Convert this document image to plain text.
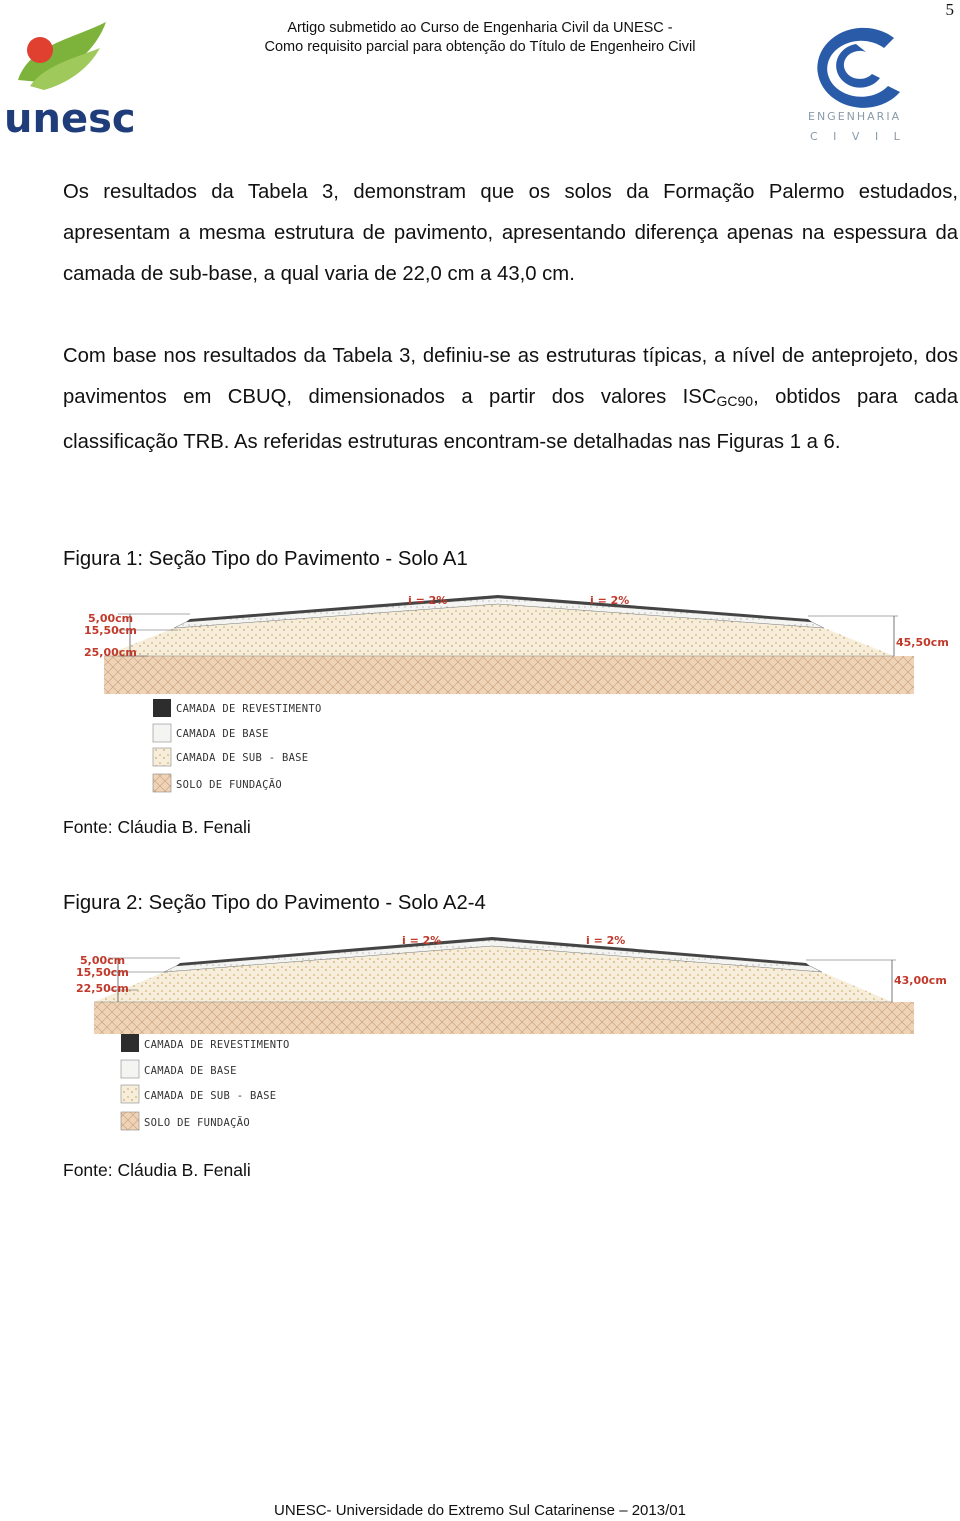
5
Artigo submetido ao Curso de Engenharia Civil da UNESC -
Como requisito parcial para obtenção do Título de Engenheiro Civil
unesc	ENGENHARIA
C I V I L
Os resultados da Tabela 3, demonstram que os solos da Formação Palermo estudados, apresentam a mesma estrutura de pavimento, apresentando diferença apenas na espessura da camada de sub-base, a qual varia de 22,0 cm a 43,0 cm.
Com base nos resultados da Tabela 3, definiu-se as estruturas típicas, a nível de anteprojeto, dos pavimentos em CBUQ, dimensionados a partir dos valores $ISC_{GC90}$, obtidos para cada classificação TRB. As referidas estruturas encontram-se detalhadas nas Figuras 1 a 6.
Figura 1: Seção Tipo do Pavimento - Solo A1
i = 2%	i = 2%
5,00cm
15,50cm
25,00cm
45,50cm
CAMADA DE REVESTIMENTO
CAMADA DE BASE
CAMADA DE SUB - BASE
SOLO DE FUNDAÇÃO
Fonte: Cláudia B. Fenali
Figura 2: Seção Tipo do Pavimento - Solo A2-4
i = 2%	i = 2%
5,00cm
15,50cm
22,50cm
43,00cm
CAMADA DE REVESTIMENTO
CAMADA DE BASE
CAMADA DE SUB - BASE
SOLO DE FUNDAÇÃO
Fonte: Cláudia B. Fenali
UNESC- Universidade do Extremo Sul Catarinense – 2013/01
